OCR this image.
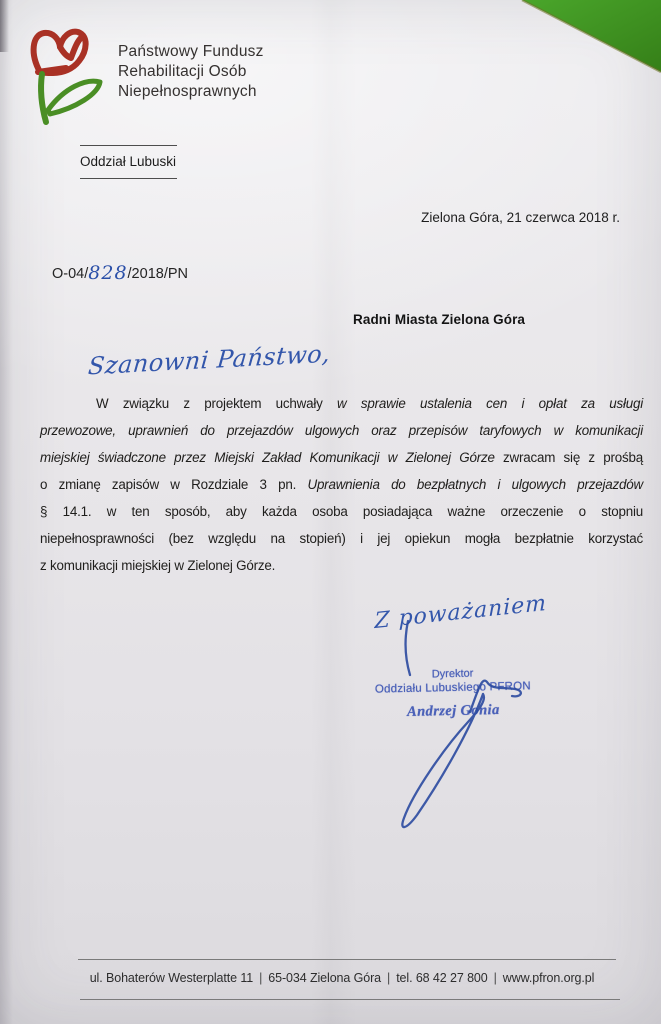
Państwowy Fundusz
Rehabilitacji Osób
Niepełnosprawnych
Oddział Lubuski
Zielona Góra, 21 czerwca 2018 r.
O-04/828/2018/PN
Radni Miasta Zielona Góra
Szanowni Państwo,
W związku z projektem uchwały w sprawie ustalenia cen i opłat za usługi
przewozowe, uprawnień do przejazdów ulgowych oraz przepisów taryfowych w komunikacji
miejskiej świadczone przez Miejski Zakład Komunikacji w Zielonej Górze zwracam się z prośbą
o zmianę zapisów w Rozdziale 3 pn. Uprawnienia do bezpłatnych i ulgowych przejazdów
§ 14.1. w ten sposób, aby każda osoba posiadająca ważne orzeczenie o stopniu
niepełnosprawności (bez względu na stopień) i jej opiekun mogła bezpłatnie korzystać
z komunikacji miejskiej w Zielonej Górze.
Z poważaniem
Dyrektor
Oddziału Lubuskiego PFRON
Andrzej Gonia
ul. Bohaterów Westerplatte 11 | 65-034 Zielona Góra | tel. 68 42 27 800 | www.pfron.org.pl
